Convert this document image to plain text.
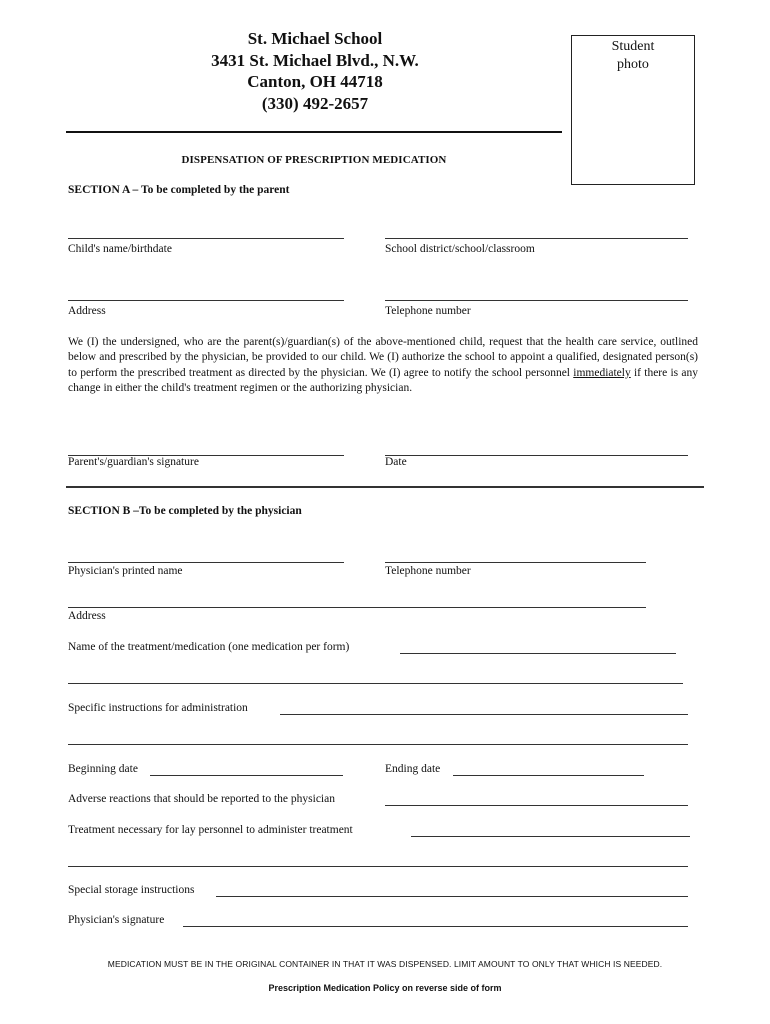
St. Michael School
3431 St. Michael Blvd., N.W.
Canton, OH 44718
(330) 492-2657
Student
photo
DISPENSATION OF PRESCRIPTION MEDICATION
SECTION A – To be completed by the parent
Child's name/birthdate	School district/school/classroom
Address	Telephone number
We (I) the undersigned, who are the parent(s)/guardian(s) of the above-mentioned child, request that the health care service, outlined below and prescribed by the physician, be provided to our child. We (I) authorize the school to appoint a qualified, designated person(s) to perform the prescribed treatment as directed by the physician. We (I) agree to notify the school personnel immediately if there is any change in either the child's treatment regimen or the authorizing physician.
Parent's/guardian's signature	Date
SECTION B –To be completed by the physician
Physician's printed name	Telephone number
Address
Name of the treatment/medication (one medication per form)
Specific instructions for administration
Beginning date	Ending date
Adverse reactions that should be reported to the physician
Treatment necessary for lay personnel to administer treatment
Special storage instructions
Physician's signature
MEDICATION MUST BE IN THE ORIGINAL CONTAINER IN THAT IT WAS DISPENSED. LIMIT AMOUNT TO ONLY THAT WHICH IS NEEDED.
Prescription Medication Policy on reverse side of form
